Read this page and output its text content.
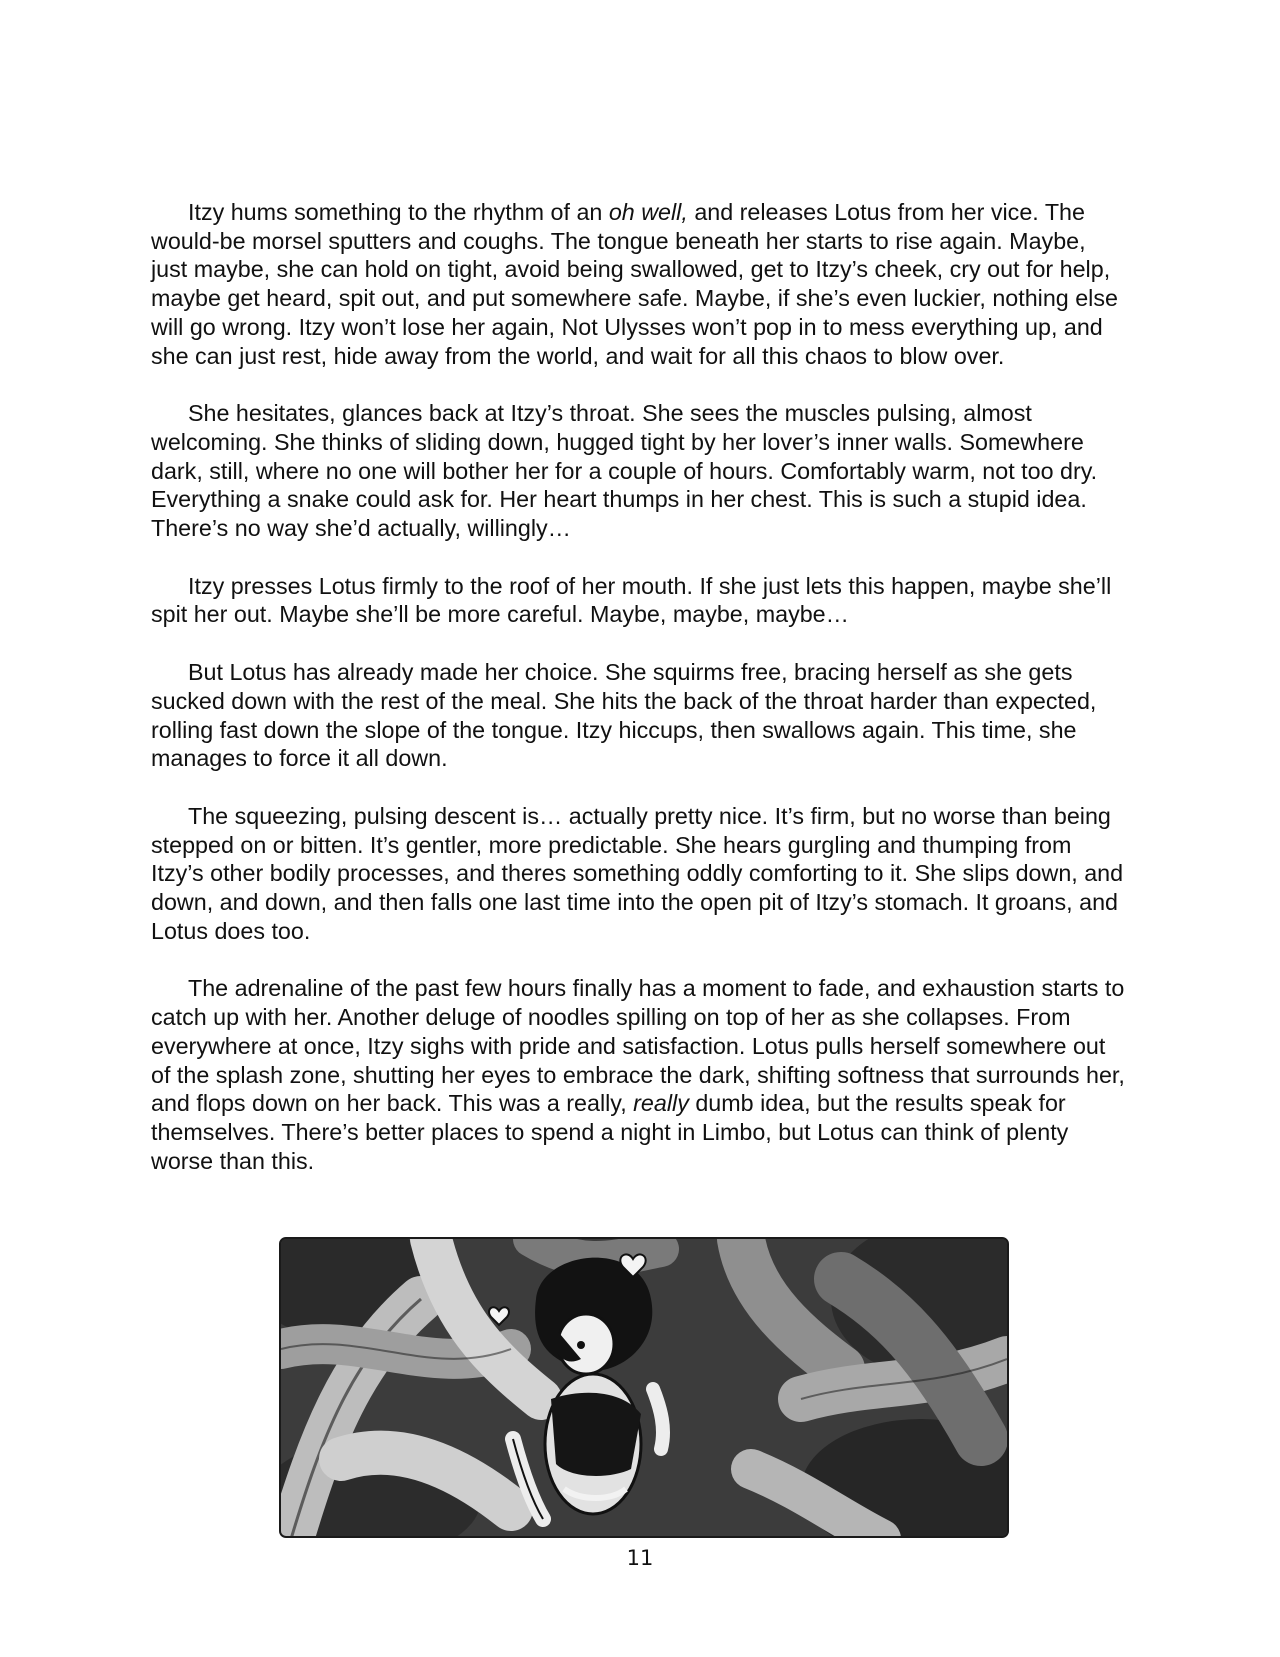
Itzy hums something to the rhythm of an oh well, and releases Lotus from her vice. The would-be morsel sputters and coughs. The tongue beneath her starts to rise again. Maybe, just maybe, she can hold on tight, avoid being swallowed, get to Itzy’s cheek, cry out for help, maybe get heard, spit out, and put somewhere safe. Maybe, if she’s even luckier, nothing else will go wrong. Itzy won’t lose her again, Not Ulysses won’t pop in to mess everything up, and she can just rest, hide away from the world, and wait for all this chaos to blow over.

She hesitates, glances back at Itzy’s throat. She sees the muscles pulsing, almost welcoming. She thinks of sliding down, hugged tight by her lover’s inner walls. Somewhere dark, still, where no one will bother her for a couple of hours. Comfortably warm, not too dry. Everything a snake could ask for. Her heart thumps in her chest. This is such a stupid idea. There’s no way she’d actually, willingly…

Itzy presses Lotus firmly to the roof of her mouth. If she just lets this happen, maybe she’ll spit her out. Maybe she’ll be more careful. Maybe, maybe, maybe…

But Lotus has already made her choice. She squirms free, bracing herself as she gets sucked down with the rest of the meal. She hits the back of the throat harder than expected, rolling fast down the slope of the tongue. Itzy hiccups, then swallows again. This time, she manages to force it all down.

The squeezing, pulsing descent is… actually pretty nice. It’s firm, but no worse than being stepped on or bitten. It’s gentler, more predictable. She hears gurgling and thumping from Itzy’s other bodily processes, and theres something oddly comforting to it. She slips down, and down, and down, and then falls one last time into the open pit of Itzy’s stomach. It groans, and Lotus does too.

The adrenaline of the past few hours finally has a moment to fade, and exhaustion starts to catch up with her. Another deluge of noodles spilling on top of her as she collapses. From everywhere at once, Itzy sighs with pride and satisfaction. Lotus pulls herself somewhere out of the splash zone, shutting her eyes to embrace the dark, shifting softness that surrounds her, and flops down on her back. This was a really, really dumb idea, but the results speak for themselves. There’s better places to spend a night in Limbo, but Lotus can think of plenty worse than this.

11
